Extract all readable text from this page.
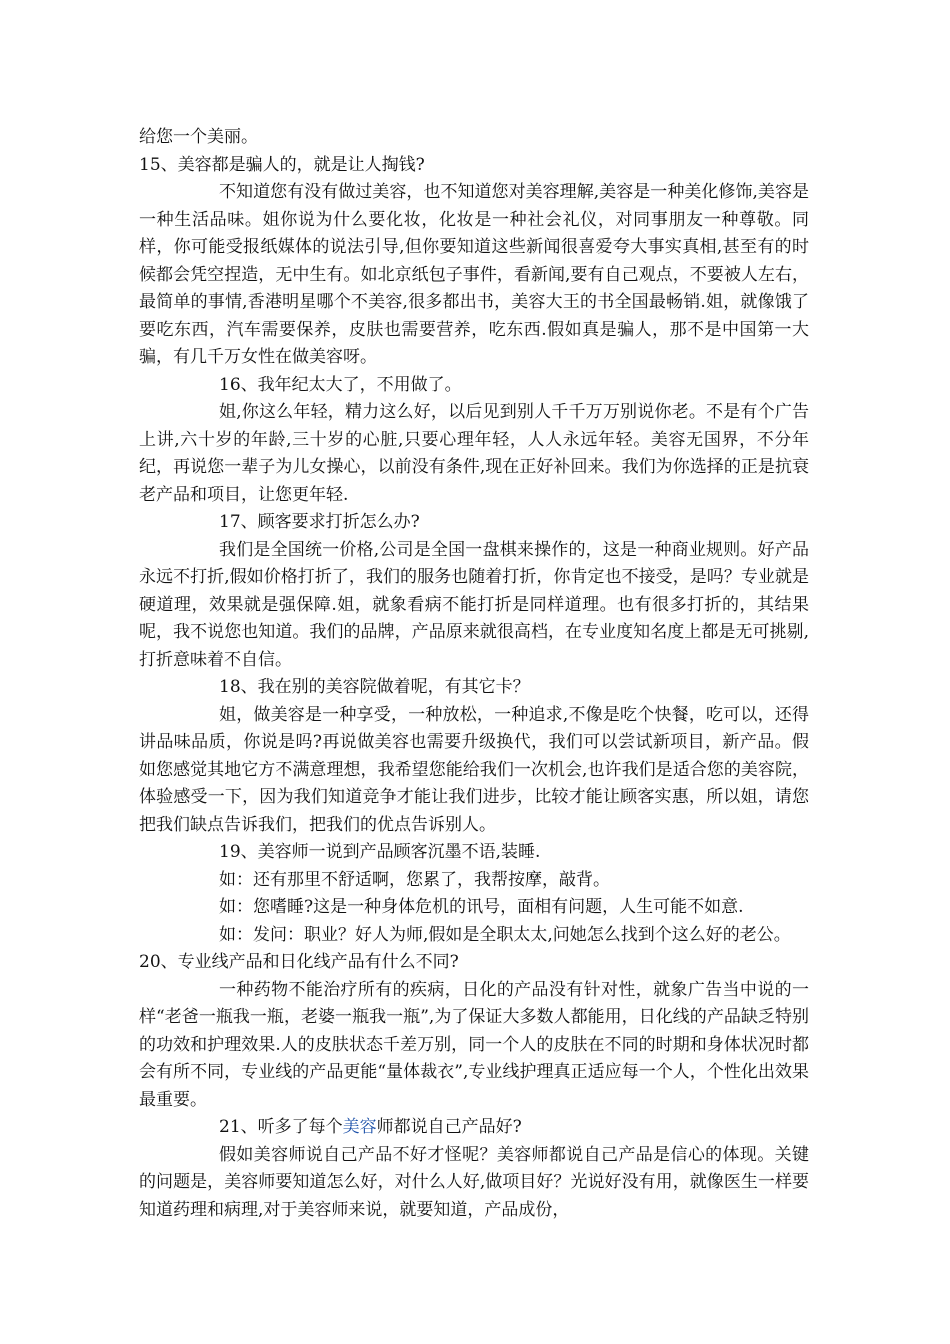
给您一个美丽。

15、美容都是骗人的，就是让人掏钱?

不知道您有没有做过美容，也不知道您对美容理解,美容是一种美化修饰,美容是一种生活品味。姐你说为什么要化妆，化妆是一种社会礼仪，对同事朋友一种尊敬。同样，你可能受报纸媒体的说法引导,但你要知道这些新闻很喜爱夸大事实真相,甚至有的时候都会凭空捏造，无中生有。如北京纸包子事件，看新闻,要有自己观点，不要被人左右，最简单的事情,香港明星哪个不美容,很多都出书，美容大王的书全国最畅销.姐，就像饿了要吃东西，汽车需要保养，皮肤也需要营养，吃东西.假如真是骗人，那不是中国第一大骗，有几千万女性在做美容呀。

16、我年纪太大了，不用做了。

姐,你这么年轻，精力这么好，以后见到别人千千万万别说你老。不是有个广告上讲,六十岁的年龄,三十岁的心脏,只要心理年轻，人人永远年轻。美容无国界，不分年纪，再说您一辈子为儿女操心，以前没有条件,现在正好补回来。我们为你选择的正是抗衰老产品和项目，让您更年轻.

17、顾客要求打折怎么办?

我们是全国统一价格,公司是全国一盘棋来操作的，这是一种商业规则。好产品永远不打折,假如价格打折了，我们的服务也随着打折，你肯定也不接受，是吗？专业就是硬道理，效果就是强保障.姐，就象看病不能打折是同样道理。也有很多打折的，其结果呢，我不说您也知道。我们的品牌，产品原来就很高档，在专业度知名度上都是无可挑剔,打折意味着不自信。

18、我在别的美容院做着呢，有其它卡？

姐，做美容是一种享受，一种放松，一种追求,不像是吃个快餐，吃可以，还得讲品味品质，你说是吗?再说做美容也需要升级换代，我们可以尝试新项目，新产品。假如您感觉其地它方不满意理想，我希望您能给我们一次机会,也许我们是适合您的美容院，体验感受一下，因为我们知道竞争才能让我们进步，比较才能让顾客实惠，所以姐，请您把我们缺点告诉我们，把我们的优点告诉别人。

19、美容师一说到产品顾客沉墨不语,装睡.

如：还有那里不舒适啊，您累了，我帮按摩，敲背。

如：您嗜睡?这是一种身体危机的讯号，面相有问题，人生可能不如意.

如：发问：职业？好人为师,假如是全职太太,问她怎么找到个这么好的老公。

20、专业线产品和日化线产品有什么不同?

一种药物不能治疗所有的疾病，日化的产品没有针对性，就象广告当中说的一样“老爸一瓶我一瓶，老婆一瓶我一瓶”,为了保证大多数人都能用，日化线的产品缺乏特别的功效和护理效果.人的皮肤状态千差万别，同一个人的皮肤在不同的时期和身体状况时都会有所不同，专业线的产品更能“量体裁衣”,专业线护理真正适应每一个人，个性化出效果最重要。

21、听多了每个美容师都说自己产品好?

假如美容师说自己产品不好才怪呢？美容师都说自己产品是信心的体现。关键的问题是，美容师要知道怎么好，对什么人好,做项目好？光说好没有用，就像医生一样要知道药理和病理,对于美容师来说，就要知道，产品成份，
